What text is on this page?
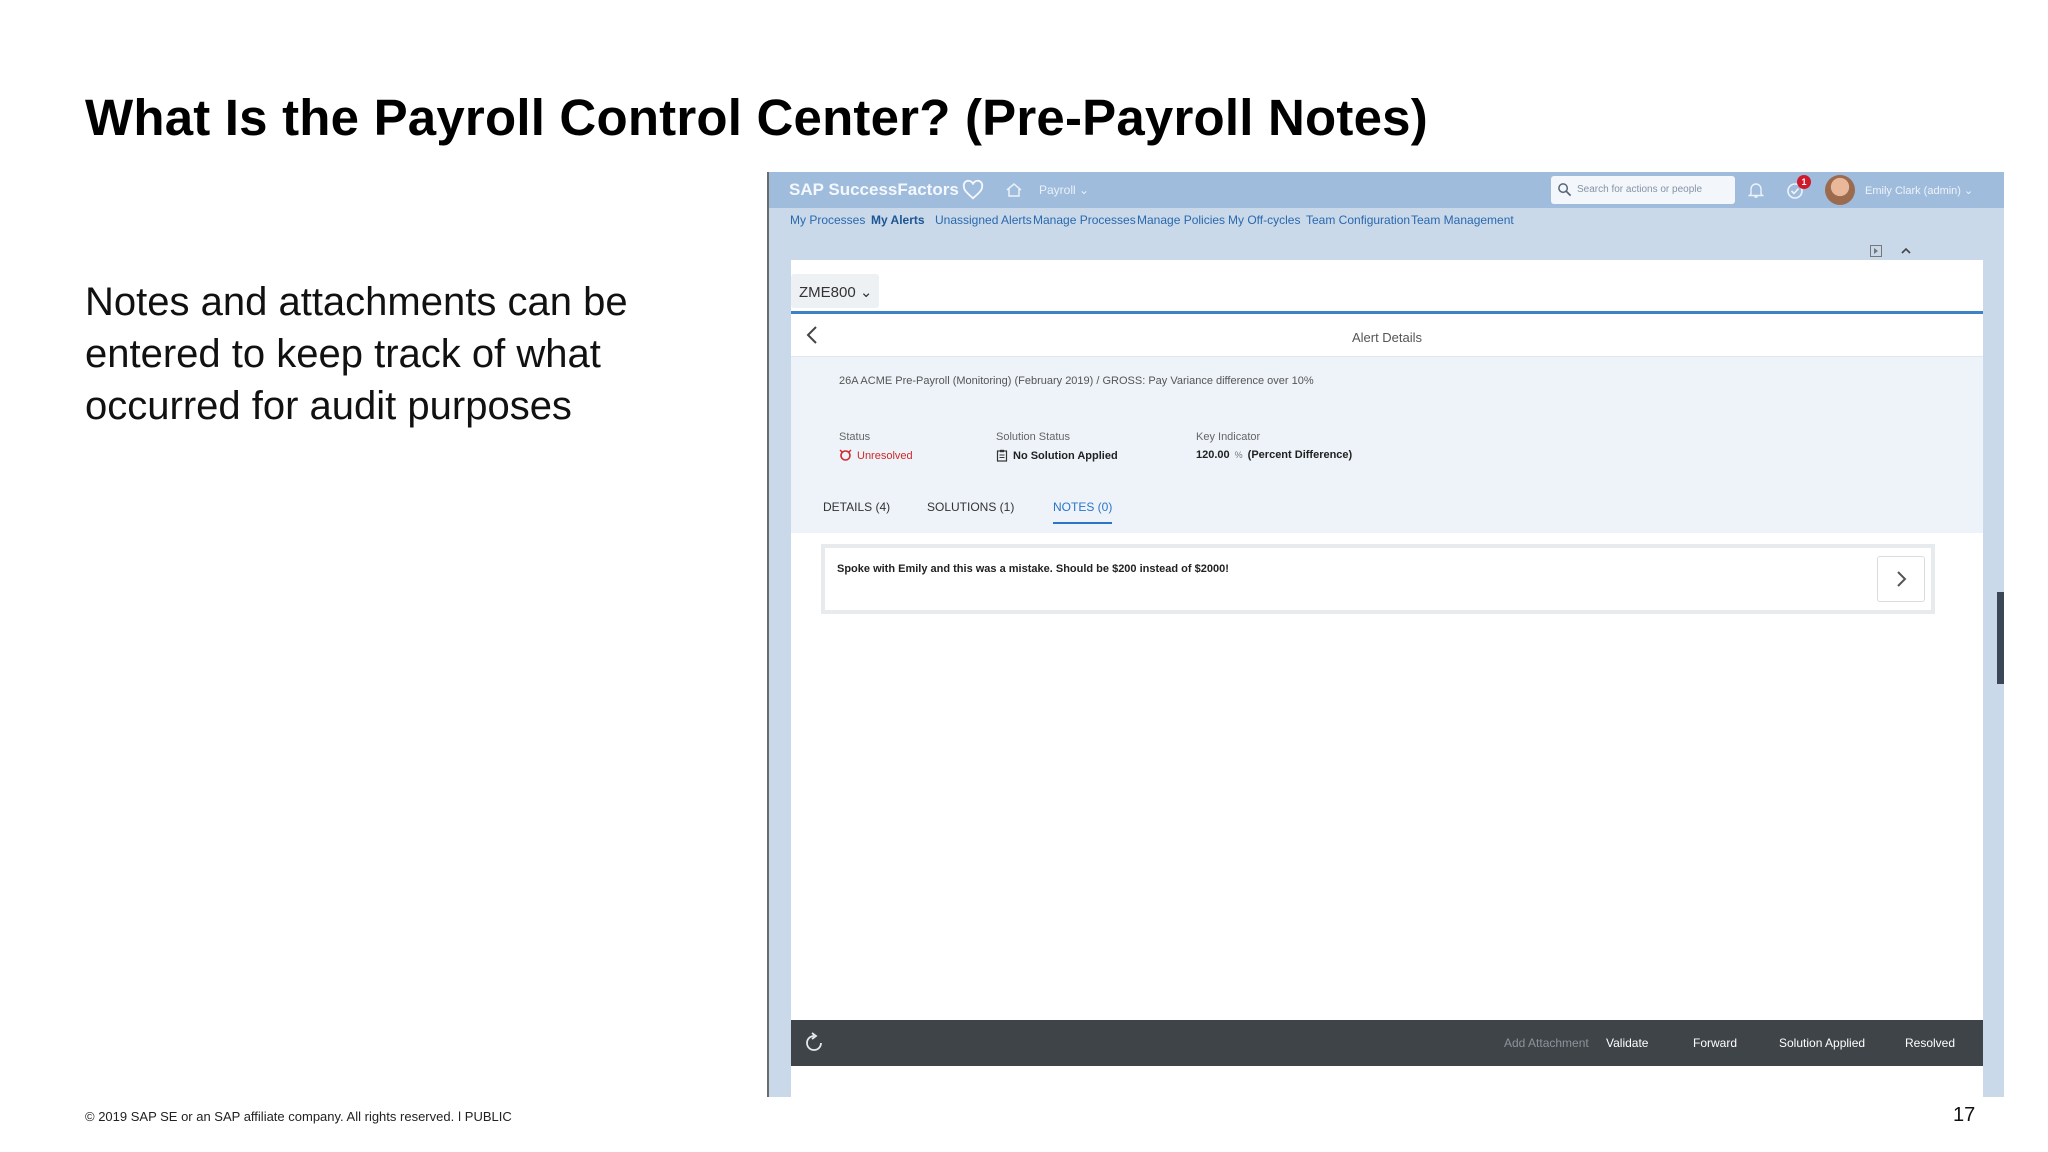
What Is the Payroll Control Center? (Pre-Payroll Notes)
Notes and attachments can be entered to keep track of what occurred for audit purposes
SAP SuccessFactors	Payroll ⌄	Search for actions or people
1
Emily Clark (admin) ⌄
My Processes My Alerts Unassigned Alerts Manage Processes Manage Policies My Off-cycles Team Configuration Team Management
ZME800 ⌄
Alert Details
26A ACME Pre-Payroll (Monitoring) (February 2019) / GROSS: Pay Variance difference over 10%
Status
Unresolved
Solution Status
No Solution Applied
Key Indicator
120.00 % (Percent Difference)
DETAILS (4)	SOLUTIONS (1)	NOTES (0)
Spoke with Emily and this was a mistake. Should be $200 instead of $2000!
Add Attachment Validate	Forward	Solution Applied	Resolved
© 2019 SAP SE or an SAP affiliate company. All rights reserved. ǀ PUBLIC	17
